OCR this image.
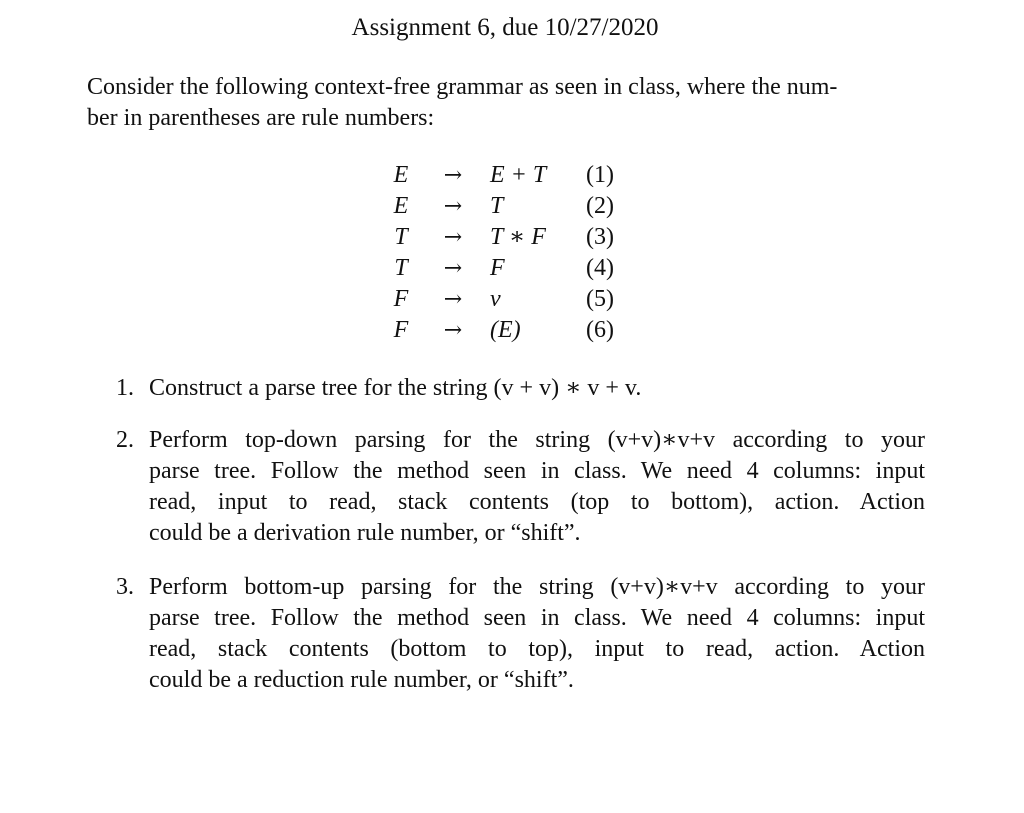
Assignment 6, due 10/27/2020
Consider the following context-free grammar as seen in class, where the num-
ber in parentheses are rule numbers:
E	→	E + T	(1)
E	→	T	(2)
T	→	T ∗ F	(3)
T	→	F	(4)
F	→	v	(5)
F	→	(E)	(6)
1. Construct a parse tree for the string (v + v) ∗ v + v.
2. Perform top-down parsing for the string (v+v)∗v+v according to your
parse tree. Follow the method seen in class. We need 4 columns: input
read, input to read, stack contents (top to bottom), action. Action
could be a derivation rule number, or “shift”.
3. Perform bottom-up parsing for the string (v+v)∗v+v according to your
parse tree. Follow the method seen in class. We need 4 columns: input
read, stack contents (bottom to top), input to read, action. Action
could be a reduction rule number, or “shift”.
